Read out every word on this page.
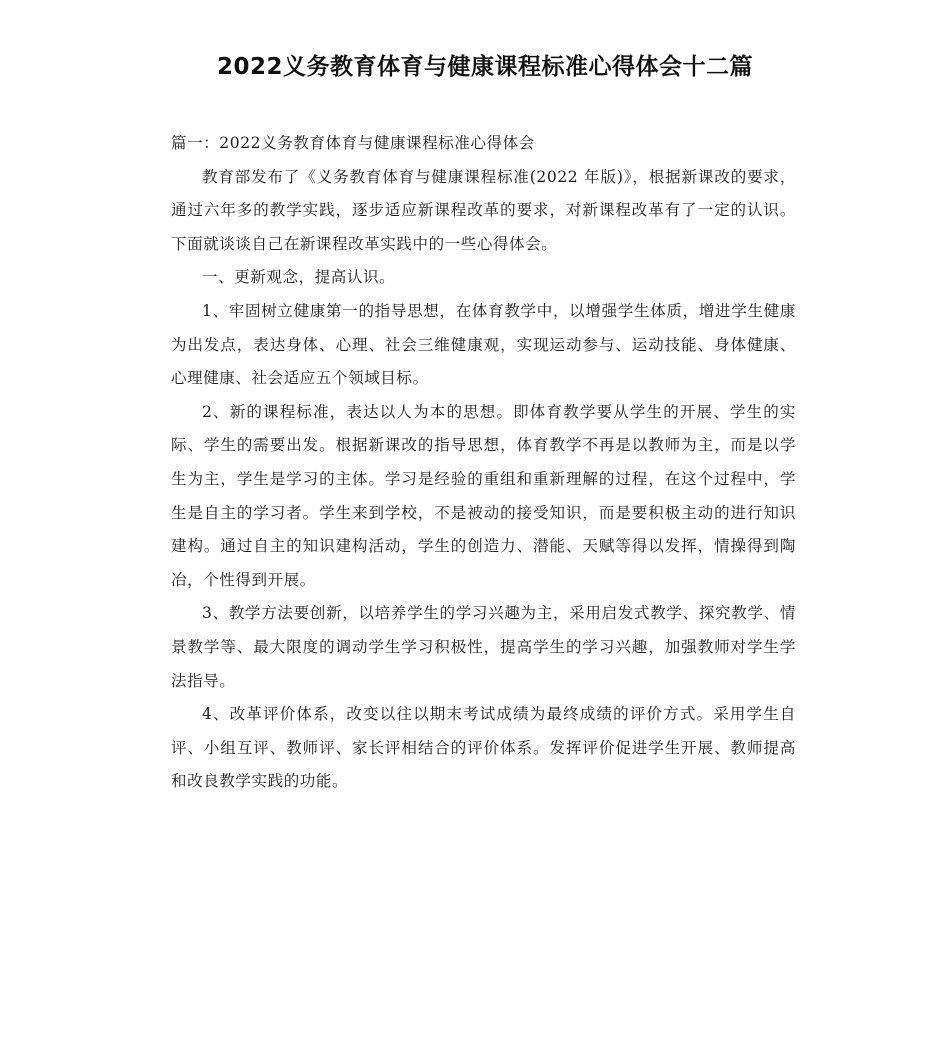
2022义务教育体育与健康课程标准心得体会十二篇

篇一：2022义务教育体育与健康课程标准心得体会

教育部发布了《义务教育体育与健康课程标准(2022 年版)》，根据新课改的要求，通过六年多的教学实践，逐步适应新课程改革的要求，对新课程改革有了一定的认识。下面就谈谈自己在新课程改革实践中的一些心得体会。

一、更新观念，提高认识。

1、牢固树立健康第一的指导思想，在体育教学中，以增强学生体质，增进学生健康为出发点，表达身体、心理、社会三维健康观，实现运动参与、运动技能、身体健康、心理健康、社会适应五个领域目标。

2、新的课程标准，表达以人为本的思想。即体育教学要从学生的开展、学生的实际、学生的需要出发。根据新课改的指导思想，体育教学不再是以教师为主，而是以学生为主，学生是学习的主体。学习是经验的重组和重新理解的过程，在这个过程中，学生是自主的学习者。学生来到学校，不是被动的接受知识，而是要积极主动的进行知识建构。通过自主的知识建构活动，学生的创造力、潜能、天赋等得以发挥，情操得到陶冶，个性得到开展。

3、教学方法要创新，以培养学生的学习兴趣为主，采用启发式教学、探究教学、情景教学等、最大限度的调动学生学习积极性，提高学生的学习兴趣，加强教师对学生学法指导。

4、改革评价体系，改变以往以期末考试成绩为最终成绩的评价方式。采用学生自评、小组互评、教师评、家长评相结合的评价体系。发挥评价促进学生开展、教师提高和改良教学实践的功能。
